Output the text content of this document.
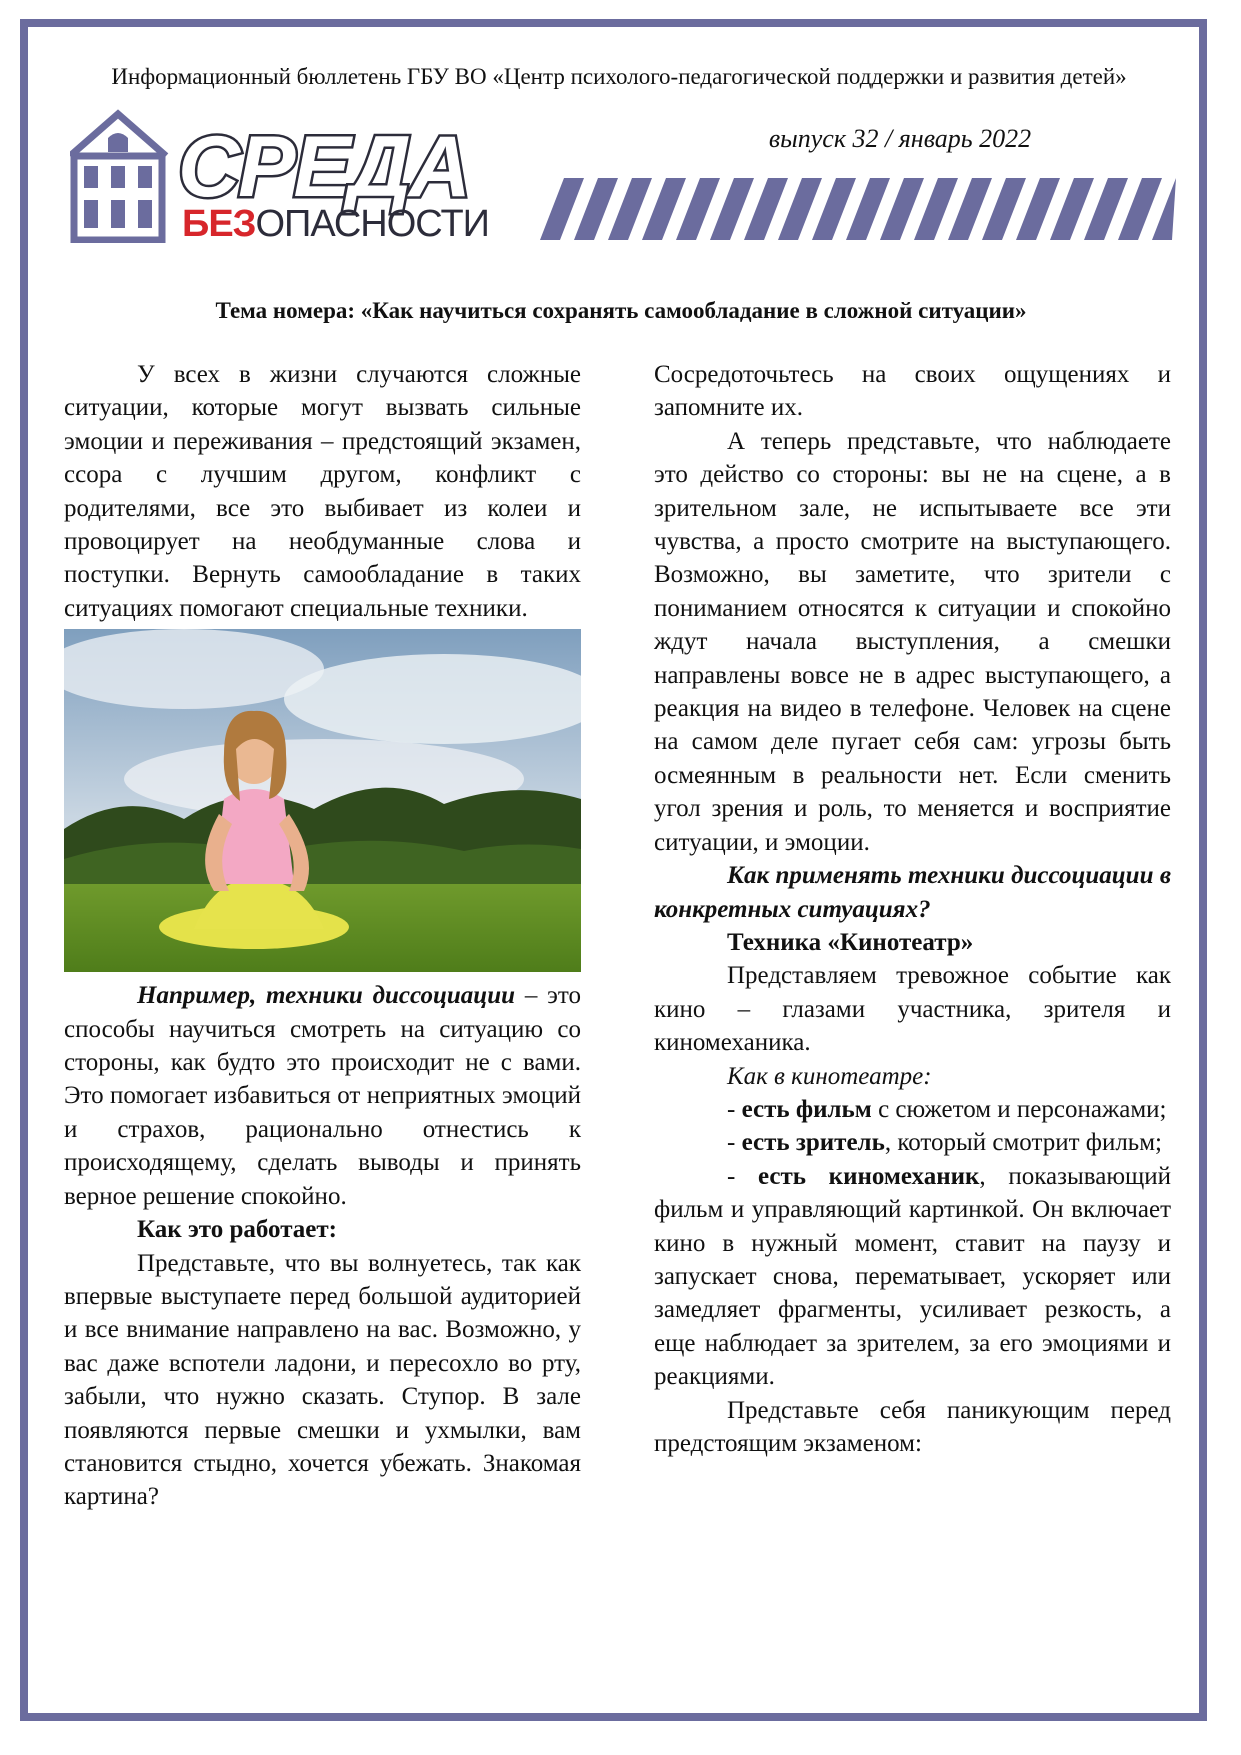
Информационный бюллетень ГБУ ВО «Центр психолого-педагогической поддержки и развития детей»
СРЕДА
БЕЗОПАСНОСТИ
выпуск 32 / январь 2022
Тема номера: «Как научиться сохранять самообладание в сложной ситуации»

У всех в жизни случаются сложные ситуации, которые могут вызвать сильные эмоции и переживания – предстоящий экзамен, ссора с лучшим другом, конфликт с родителями, все это выбивает из колеи и провоцирует на необдуманные слова и поступки. Вернуть самообладание в таких ситуациях помогают специальные техники.

Например, техники диссоциации – это способы научиться смотреть на ситуацию со стороны, как будто это происходит не с вами. Это помогает избавиться от неприятных эмоций и страхов, рационально отнестись к происходящему, сделать выводы и принять верное решение спокойно.

Как это работает:

Представьте, что вы волнуетесь, так как впервые выступаете перед большой аудиторией и все внимание направлено на вас. Возможно, у вас даже вспотели ладони, и пересохло во рту, забыли, что нужно сказать. Ступор. В зале появляются первые смешки и ухмылки, вам становится стыдно, хочется убежать. Знакомая картина?

Сосредоточьтесь на своих ощущениях и запомните их.

А теперь представьте, что наблюдаете это действо со стороны: вы не на сцене, а в зрительном зале, не испытываете все эти чувства, а просто смотрите на выступающего. Возможно, вы заметите, что зрители с пониманием относятся к ситуации и спокойно ждут начала выступления, а смешки направлены вовсе не в адрес выступающего, а реакция на видео в телефоне. Человек на сцене на самом деле пугает себя сам: угрозы быть осмеянным в реальности нет. Если сменить угол зрения и роль, то меняется и восприятие ситуации, и эмоции.

Как применять техники диссоциации в конкретных ситуациях?

Техника «Кинотеатр»

Представляем тревожное событие как кино – глазами участника, зрителя и киномеханика.

Как в кинотеатре:

- есть фильм с сюжетом и персонажами;

- есть зритель, который смотрит фильм;

- есть киномеханик, показывающий фильм и управляющий картинкой. Он включает кино в нужный момент, ставит на паузу и запускает снова, перематывает, ускоряет или замедляет фрагменты, усиливает резкость, а еще наблюдает за зрителем, за его эмоциями и реакциями.

Представьте себя паникующим перед предстоящим экзаменом:
